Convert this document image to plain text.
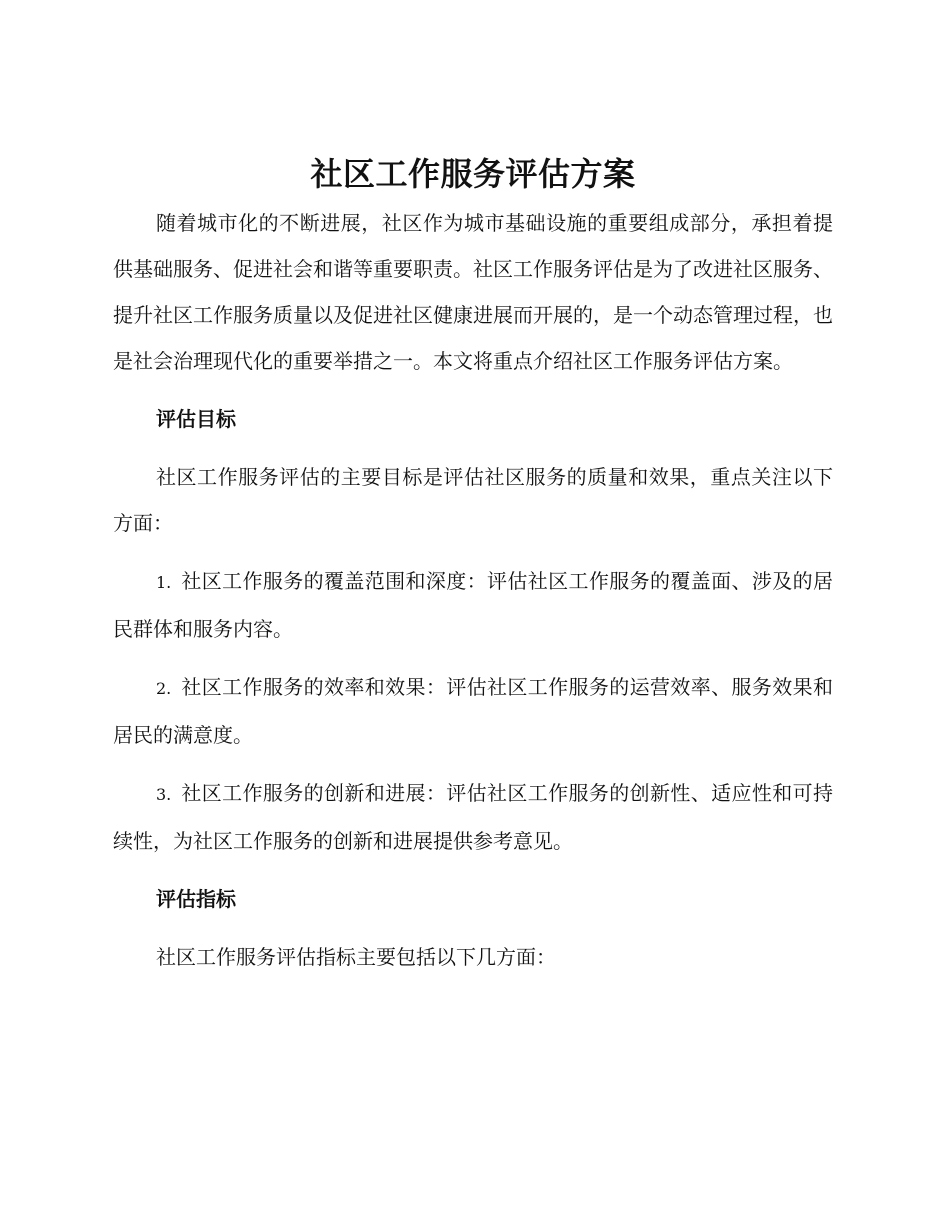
社区工作服务评估方案

随着城市化的不断进展，社区作为城市基础设施的重要组成部分，承担着提供基础服务、促进社会和谐等重要职责。社区工作服务评估是为了改进社区服务、提升社区工作服务质量以及促进社区健康进展而开展的，是一个动态管理过程，也是社会治理现代化的重要举措之一。本文将重点介绍社区工作服务评估方案。

评估目标

社区工作服务评估的主要目标是评估社区服务的质量和效果，重点关注以下方面：

1. 社区工作服务的覆盖范围和深度：评估社区工作服务的覆盖面、涉及的居民群体和服务内容。

2. 社区工作服务的效率和效果：评估社区工作服务的运营效率、服务效果和居民的满意度。

3. 社区工作服务的创新和进展：评估社区工作服务的创新性、适应性和可持续性，为社区工作服务的创新和进展提供参考意见。

评估指标

社区工作服务评估指标主要包括以下几方面：
